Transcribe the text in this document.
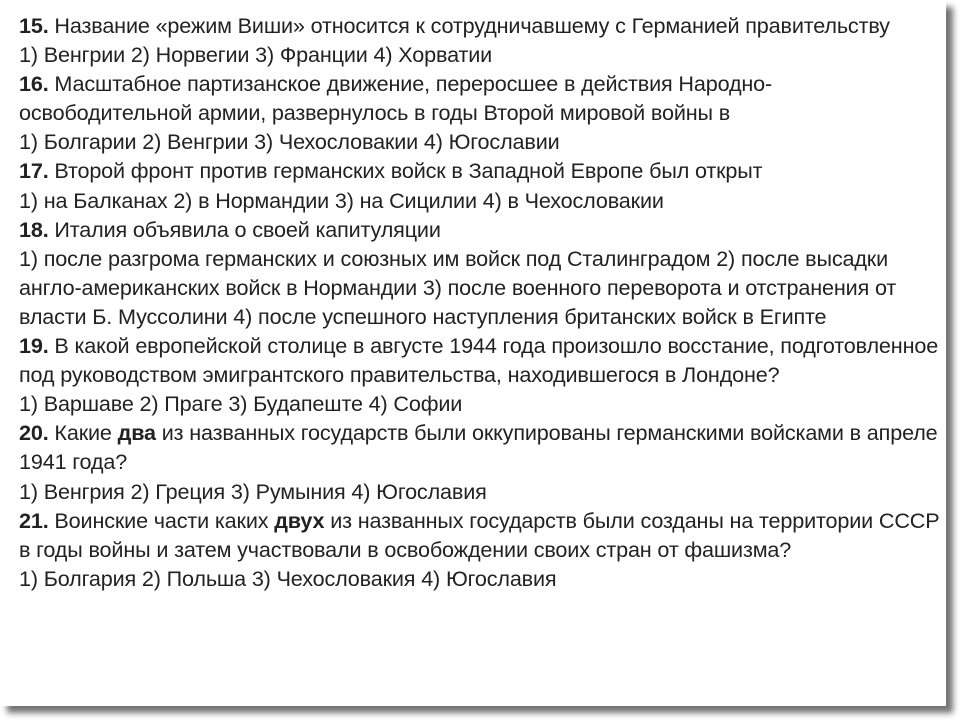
15. Название «режим Виши» относится к сотрудничавшему с Германией правительству
1) Венгрии 2) Норвегии 3) Франции 4) Хорватии
16. Масштабное партизанское движение, переросшее в действия Народно-освободительной армии, развернулось в годы Второй мировой войны в
1) Болгарии 2) Венгрии 3) Чехословакии 4) Югославии
17. Второй фронт против германских войск в Западной Европе был открыт
1) на Балканах 2) в Нормандии 3) на Сицилии 4) в Чехословакии
18. Италия объявила о своей капитуляции
1) после разгрома германских и союзных им войск под Сталинградом 2) после высадки англо-американских войск в Нормандии 3) после военного переворота и отстранения от власти Б. Муссолини 4) после успешного наступления британских войск в Египте
19. В какой европейской столице в августе 1944 года произошло восстание, подготовленное под руководством эмигрантского правительства, находившегося в Лондоне?
1) Варшаве 2) Праге 3) Будапеште 4) Софии
20. Какие два из названных государств были оккупированы германскими войсками в апреле 1941 года?
1) Венгрия 2) Греция 3) Румыния 4) Югославия
21. Воинские части каких двух из названных государств были созданы на территории СССР в годы войны и затем участвовали в освобождении своих стран от фашизма?
1) Болгария 2) Польша 3) Чехословакия 4) Югославия
